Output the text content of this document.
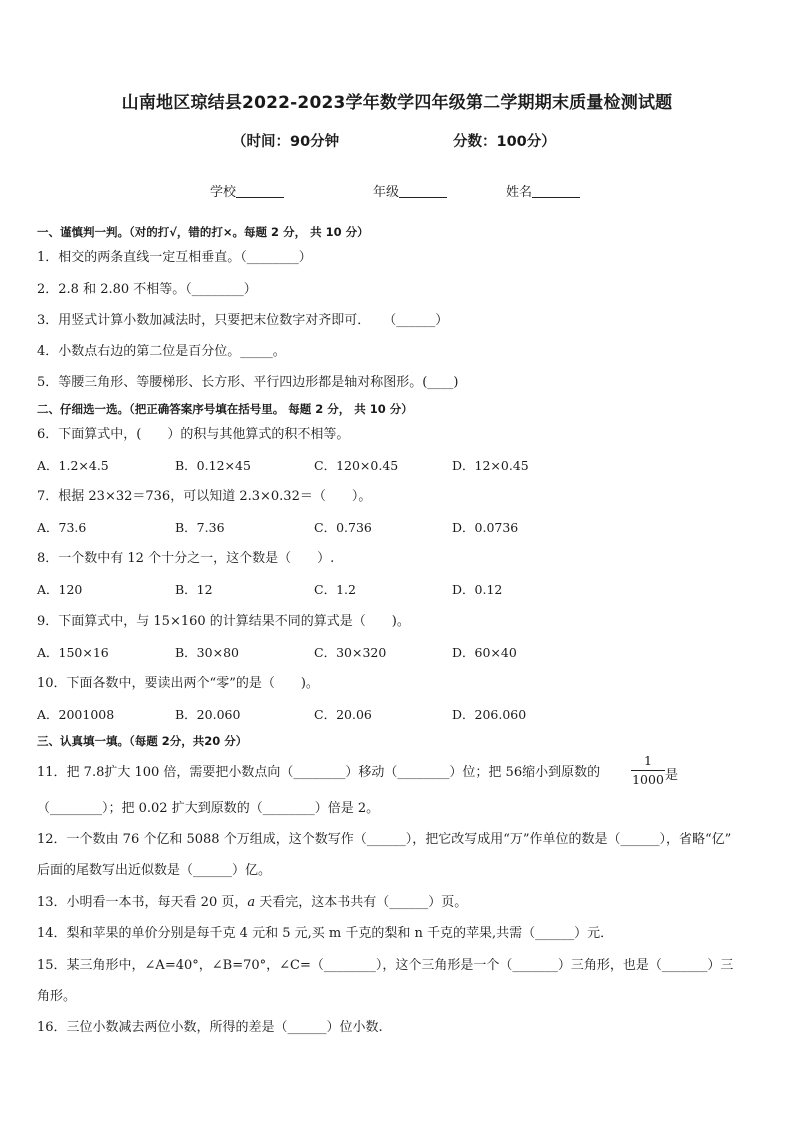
山南地区琼结县2022-2023学年数学四年级第二学期期末质量检测试题
（时间：90分钟	分数：100分）
学校	年级	姓名
一、谨慎判一判。（对的打√，错的打×。每题 2 分， 共 10 分）
1．相交的两条直线一定互相垂直。（________）
2．2.8 和 2.80 不相等。（________）
3．用竖式计算小数加减法时，只要把末位数字对齐即可．　　（______）
4．小数点右边的第二位是百分位。_____。
5．等腰三角形、等腰梯形、长方形、平行四边形都是轴对称图形。(____)
二、仔细选一选。（把正确答案序号填在括号里。 每题 2 分， 共 10 分）
6．下面算式中，(　　）的积与其他算式的积不相等。
A．1.2×4.5	B．0.12×45	C．120×0.45	D．12×0.45
7．根据 23×32＝736，可以知道 2.3×0.32＝（　　）。
A．73.6	B．7.36	C．0.736	D．0.0736
8．一个数中有 12 个十分之一，这个数是（　　）.
A．120	B．12	C．1.2	D．0.12
9．下面算式中，与 15×160 的计算结果不同的算式是（　　)。
A．150×16	B．30×80	C．30×320	D．60×40
10．下面各数中，要读出两个“零”的是（　　)。
A．2001008	B．20.060	C．20.06	D．206.060
三、认真填一填。（每题 2分，共20 分）
11．把 7.8扩大 100 倍，需要把小数点向（________）移动（________）位；把 56缩小到原数的
1
1000 是
（________）；把 0.02 扩大到原数的（________）倍是 2。
12．一个数由 76 个亿和 5088 个万组成，这个数写作（______），把它改写成用“万”作单位的数是（______），省略“亿”
后面的尾数写出近似数是（______）亿。
13．小明看一本书，每天看 20 页，𝑎 天看完，这本书共有（______）页。
14．梨和苹果的单价分别是每千克 4 元和 5 元,买 m 千克的梨和 n 千克的苹果,共需（______）元．
15．某三角形中，∠A=40°，∠B=70°，∠C=（________），这个三角形是一个（_______）三角形，也是（_______）三
角形。
16．三位小数减去两位小数，所得的差是（______）位小数.
